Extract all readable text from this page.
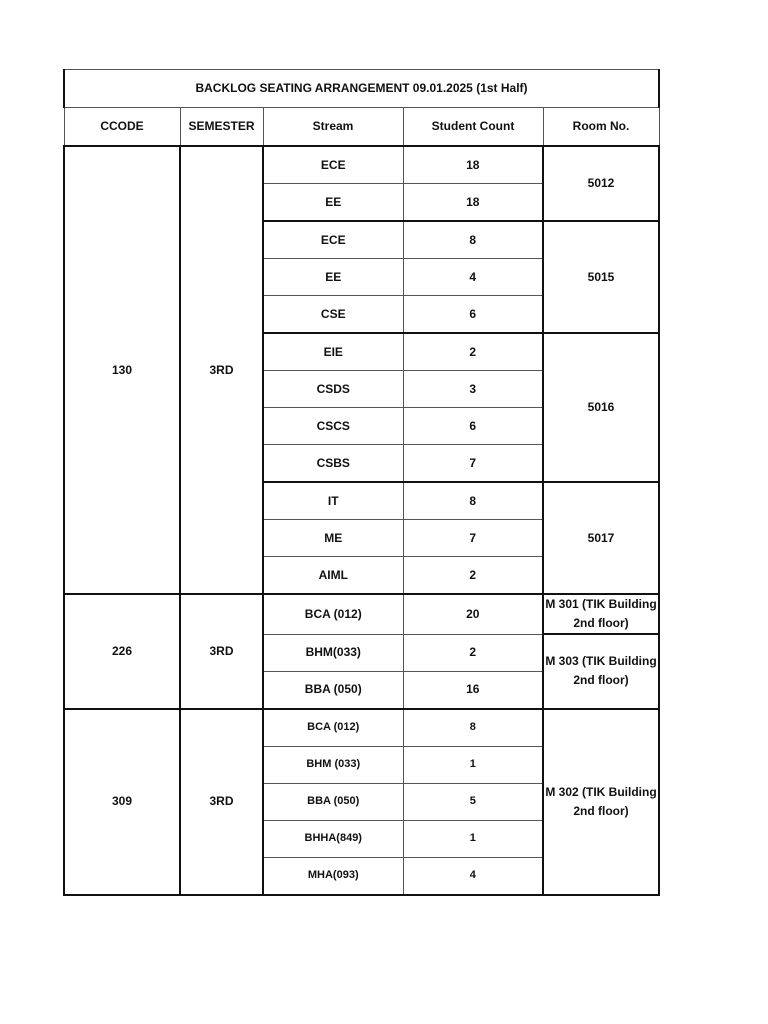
BACKLOG SEATING ARRANGEMENT 09.01.2025 (1st Half)				
CCODE	SEMESTER	Stream	Student Count	Room No.
130	3RD	ECE	18	5012
		EE	18	
		ECE	8	5015
		EE	4	
		CSE	6	
		EIE	2	5016
		CSDS	3	
		CSCS	6	
		CSBS	7	
		IT	8	5017
		ME	7	
		AIML	2	
226	3RD	BCA (012)	20	M 301 (TIK Building 2nd floor)
		BHM(033)	2	M 303 (TIK Building 2nd floor)
		BBA (050)	16	
309	3RD	BCA (012)	8	M 302 (TIK Building 2nd floor)
		BHM (033)	1	
		BBA (050)	5	
		BHHA(849)	1	
		MHA(093)	4	
